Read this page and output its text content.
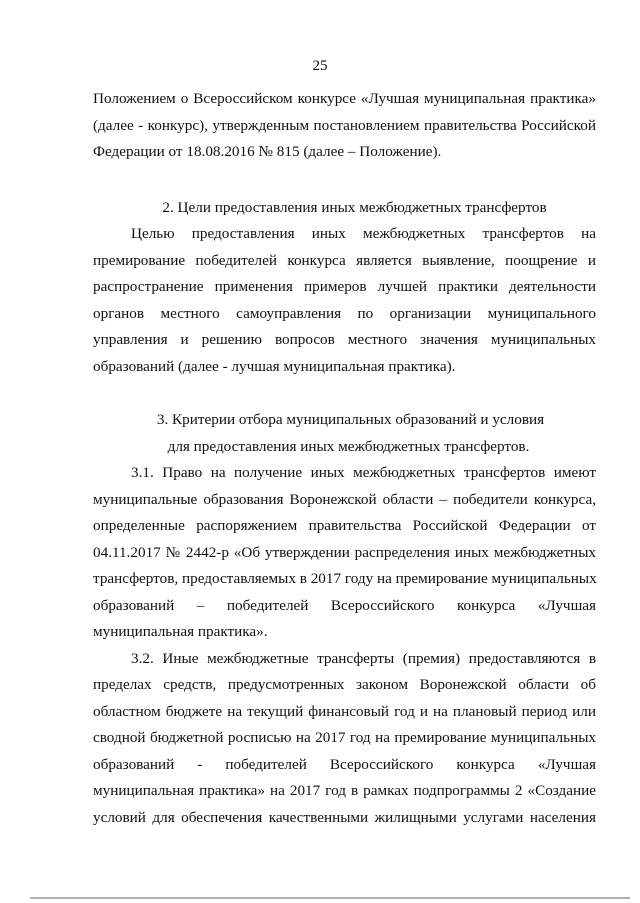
25
Положением о Всероссийском конкурсе «Лучшая муниципальная практика»
(далее - конкурс), утвержденным постановлением правительства Российской
Федерации от 18.08.2016 № 815 (далее – Положение).
2. Цели предоставления иных межбюджетных трансфертов
Целью предоставления иных межбюджетных трансфертов на
премирование победителей конкурса является выявление, поощрение и
распространение применения примеров лучшей практики деятельности
органов местного самоуправления по организации муниципального
управления и решению вопросов местного значения муниципальных
образований (далее - лучшая муниципальная практика).
3. Критерии отбора муниципальных образований и условия
для предоставления иных межбюджетных трансфертов.
3.1. Право на получение иных межбюджетных трансфертов имеют
муниципальные образования Воронежской области – победители конкурса,
определенные распоряжением правительства Российской Федерации от
04.11.2017 № 2442-р «Об утверждении распределения иных межбюджетных
трансфертов, предоставляемых в 2017 году на премирование муниципальных
образований – победителей Всероссийского конкурса «Лучшая
муниципальная практика».
3.2. Иные межбюджетные трансферты (премия) предоставляются в
пределах средств, предусмотренных законом Воронежской области об
областном бюджете на текущий финансовый год и на плановый период или
сводной бюджетной росписью на 2017 год на премирование муниципальных
образований - победителей Всероссийского конкурса «Лучшая
муниципальная практика» на 2017 год в рамках подпрограммы 2 «Создание
условий для обеспечения качественными жилищными услугами населения
